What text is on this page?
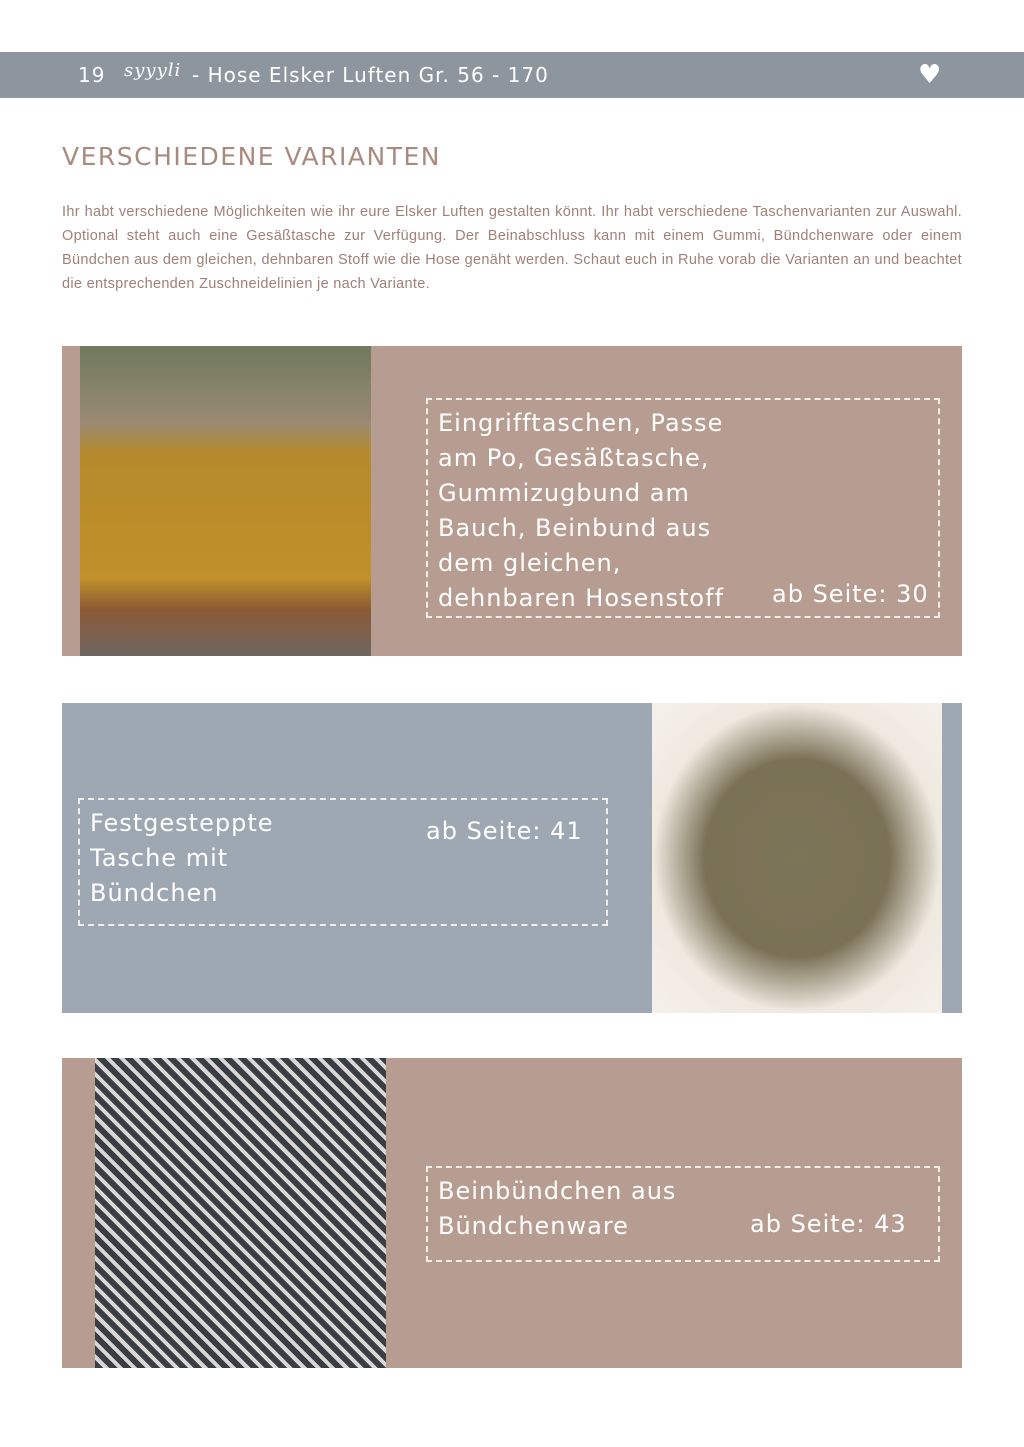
19 syyyli - Hose Elsker Luften Gr. 56 - 170	♥
VERSCHIEDENE VARIANTEN

Ihr habt verschiedene Möglichkeiten wie ihr eure Elsker Luften gestalten könnt. Ihr habt verschiedene Taschenvarianten zur Auswahl. Optional steht auch eine Gesäßtasche zur Verfügung. Der Beinabschluss kann mit einem Gummi, Bündchenware oder einem Bündchen aus dem gleichen, dehnbaren Stoff wie die Hose genäht werden. Schaut euch in Ruhe vorab die Varianten an und beachtet die entsprechenden Zuschneidelinien je nach Variante.

Eingrifftaschen, Passe am Po, Gesäßtasche, Gummizugbund am Bauch, Beinbund aus dem gleichen, dehnbaren Hosenstoff	ab Seite: 30
Festgesteppte Tasche mit Bündchen
ab Seite: 41
Beinbündchen aus Bündchenware	ab Seite: 43
